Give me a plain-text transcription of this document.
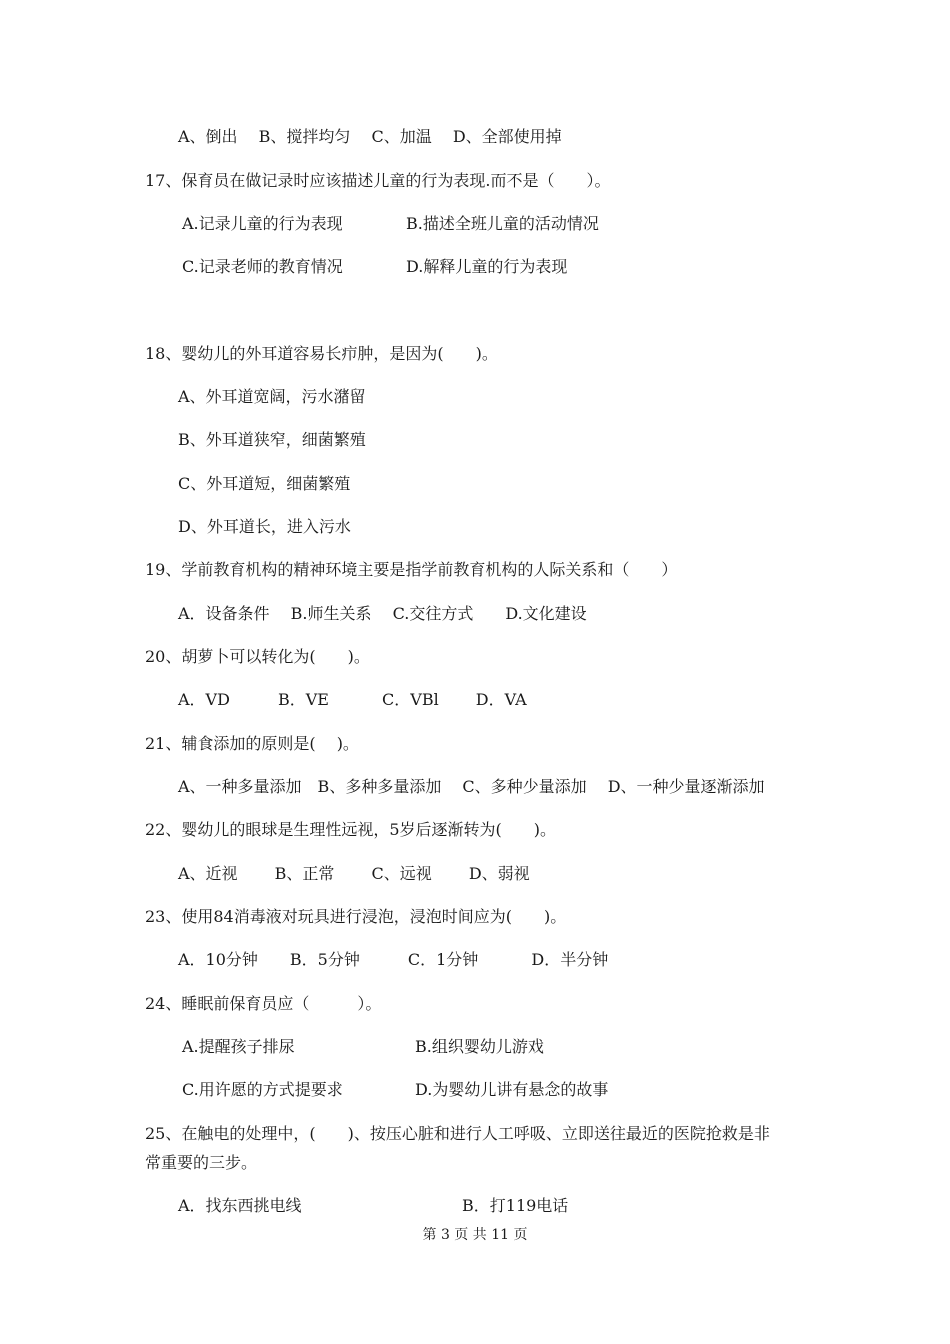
A、倒出　 B、搅拌均匀　 C、加温　 D、全部使用掉
17、保育员在做记录时应该描述儿童的行为表现.而不是（　　）。
A.记录儿童的行为表现	B.描述全班儿童的活动情况
C.记录老师的教育情况	D.解释儿童的行为表现
18、婴幼儿的外耳道容易长疖肿，是因为(　　)。
A、外耳道宽阔，污水潴留
B、外耳道狭窄，细菌繁殖
C、外耳道短，细菌繁殖
D、外耳道长，进入污水
19、学前教育机构的精神环境主要是指学前教育机构的人际关系和（　　）
A．设备条件　 B.师生关系　 C.交往方式　　D.文化建设
20、胡萝卜可以转化为(　　)。
A．VD　　　B．VE　　　 C．VBl　　 D．VA
21、辅食添加的原则是(　 )。
A、一种多量添加　B、多种多量添加　 C、多种少量添加　 D、一种少量逐渐添加
22、婴幼儿的眼球是生理性远视，5岁后逐渐转为(　　)。
A、近视　　 B、正常　　 C、远视　　 D、弱视
23、使用84消毒液对玩具进行浸泡，浸泡时间应为(　　)。
A．10分钟　　B．5分钟　　　C．1分钟　　　 D．半分钟
24、睡眠前保育员应（　　　）。
A.提醒孩子排尿	B.组织婴幼儿游戏
C.用许愿的方式提要求	D.为婴幼儿讲有悬念的故事
25、在触电的处理中，(　　)、按压心脏和进行人工呼吸、立即送往最近的医院抢救是非
常重要的三步。
A．找东西挑电线	B．打119电话
第 3 页 共 11 页
